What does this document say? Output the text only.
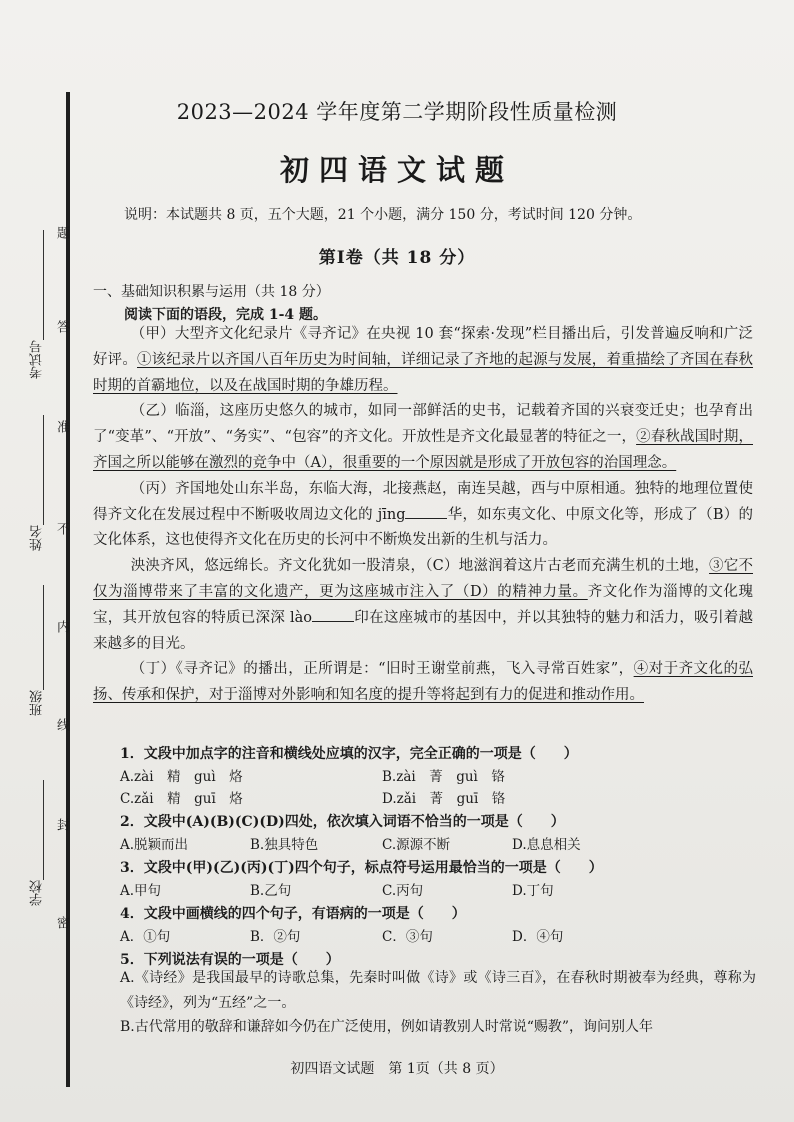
考试号
姓名
班级
学校
题
答
准
不
内
线
封
密
2023—2024 学年度第二学期阶段性质量检测
初四语文试题
说明：本试题共 8 页，五个大题，21 个小题，满分 150 分，考试时间 120 分钟。
第Ⅰ卷（共 18 分）
一、基础知识积累与运用（共 18 分）
阅读下面的语段，完成 1-4 题。

（甲）大型齐文化纪录片《寻齐记》在央视 10 套“探索·发现”栏目播出后，引发普遍反响和广泛好评。①该纪录片以齐国八百年历史为时间轴，详细记录了齐地的起源与发展，着重描绘了齐国在春秋时期的首霸地位，以及在战国时期的争雄历程。

（乙）临淄，这座历史悠久的城市，如同一部鲜活的史书，记载着齐国的兴衰变迁史；也孕育出了“变革”、“开放”、“务实”、“包容”的齐文化。开放性是齐文化最显著的特征之一，②春秋战国时期，齐国之所以能够在激烈的竞争中（A），很重要的一个原因就是形成了开放包容的治国理念。

（丙）齐国地处山东半岛，东临大海，北接燕赵，南连吴越，西与中原相通。独特的地理位置使得齐文化在发展过程中不断吸收周边文化的 jīng	华，如东夷文化、中原文化等，形成了（B）的文化体系，这也使得齐文化在历史的长河中不断焕发出新的生机与活力。

泱泱齐风，悠远绵长。齐文化犹如一股清泉，（C）地滋润着这片古老而充满生机的土地，③它不仅为淄博带来了丰富的文化遗产，更为这座城市注入了（D）的精神力量。齐文化作为淄博的文化瑰宝，其开放包容的特质已深深 lào	印在这座城市的基因中，并以其独特的魅力和活力，吸引着越来越多的目光。

（丁）《寻齐记》的播出，正所谓是：“旧时王谢堂前燕，飞入寻常百姓家”，④对于齐文化的弘扬、传承和保护，对于淄博对外影响和知名度的提升等将起到有力的促进和推动作用。

1．文段中加点字的注音和横线处应填的汉字，完全正确的一项是（　　）
A.zài　精　guì　烙	B.zài　菁　guì　铬
C.zǎi　精　guī　烙	D.zǎi　菁　guī　铬
2．文段中(A)(B)(C)(D)四处，依次填入词语不恰当的一项是（　　）
A.脱颖而出	B.独具特色	C.源源不断	D.息息相关
3．文段中(甲)(乙)(丙)(丁)四个句子，标点符号运用最恰当的一项是（　　）
A.甲句	B.乙句	C.丙句	D.丁句
4．文段中画横线的四个句子，有语病的一项是（　　）
A．①句	B．②句	C．③句	D．④句
5．下列说法有误的一项是（　　）

A.《诗经》是我国最早的诗歌总集，先秦时叫做《诗》或《诗三百》，在春秋时期被奉为经典，尊称为《诗经》，列为“五经”之一。

B.古代常用的敬辞和谦辞如今仍在广泛使用，例如请教别人时常说“赐教”，询问别人年

初四语文试题　第 1页（共 8 页）
